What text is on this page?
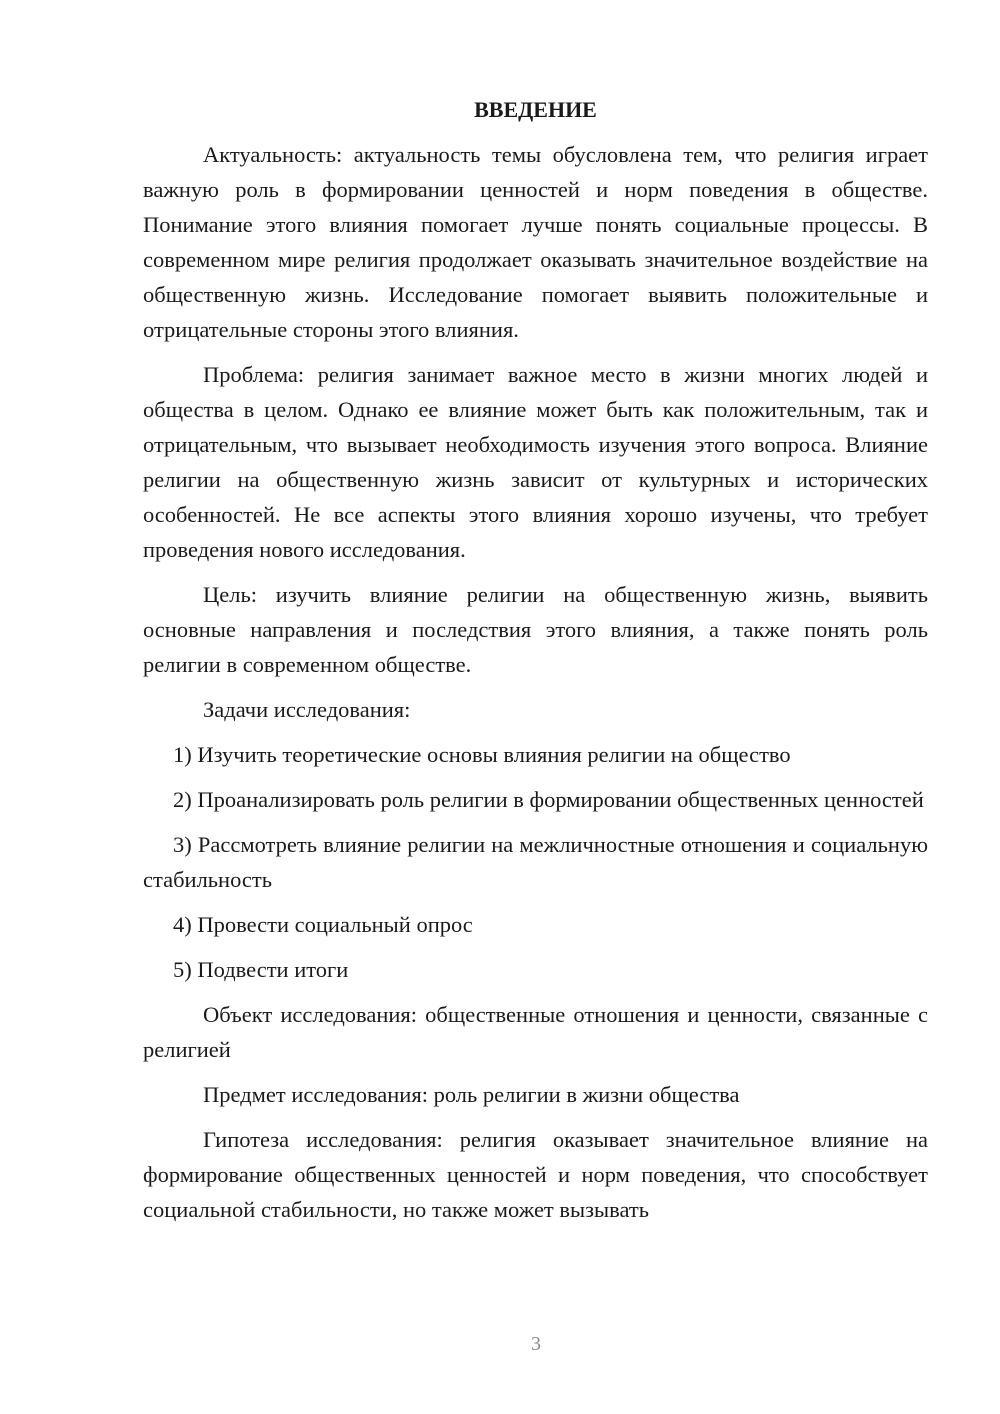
ВВЕДЕНИЕ

Актуальность: актуальность темы обусловлена тем, что религия играет важную роль в формировании ценностей и норм поведения в обществе. Понимание этого влияния помогает лучше понять социальные процессы. В современном мире религия продолжает оказывать значительное воздействие на общественную жизнь. Исследование помогает выявить положительные и отрицательные стороны этого влияния.

Проблема: религия занимает важное место в жизни многих людей и общества в целом. Однако ее влияние может быть как положительным, так и отрицательным, что вызывает необходимость изучения этого вопроса. Влияние религии на общественную жизнь зависит от культурных и исторических особенностей. Не все аспекты этого влияния хорошо изучены, что требует проведения нового исследования.

Цель: изучить влияние религии на общественную жизнь, выявить основные направления и последствия этого влияния, а также понять роль религии в современном обществе.

Задачи исследования:

1) Изучить теоретические основы влияния религии на общество

2) Проанализировать роль религии в формировании общественных ценностей

3) Рассмотреть влияние религии на межличностные отношения и социальную стабильность

4) Провести социальный опрос

5) Подвести итоги

Объект исследования: общественные отношения и ценности, связанные с религией

Предмет исследования: роль религии в жизни общества

Гипотеза исследования: религия оказывает значительное влияние на формирование общественных ценностей и норм поведения, что способствует социальной стабильности, но также может вызывать

3
